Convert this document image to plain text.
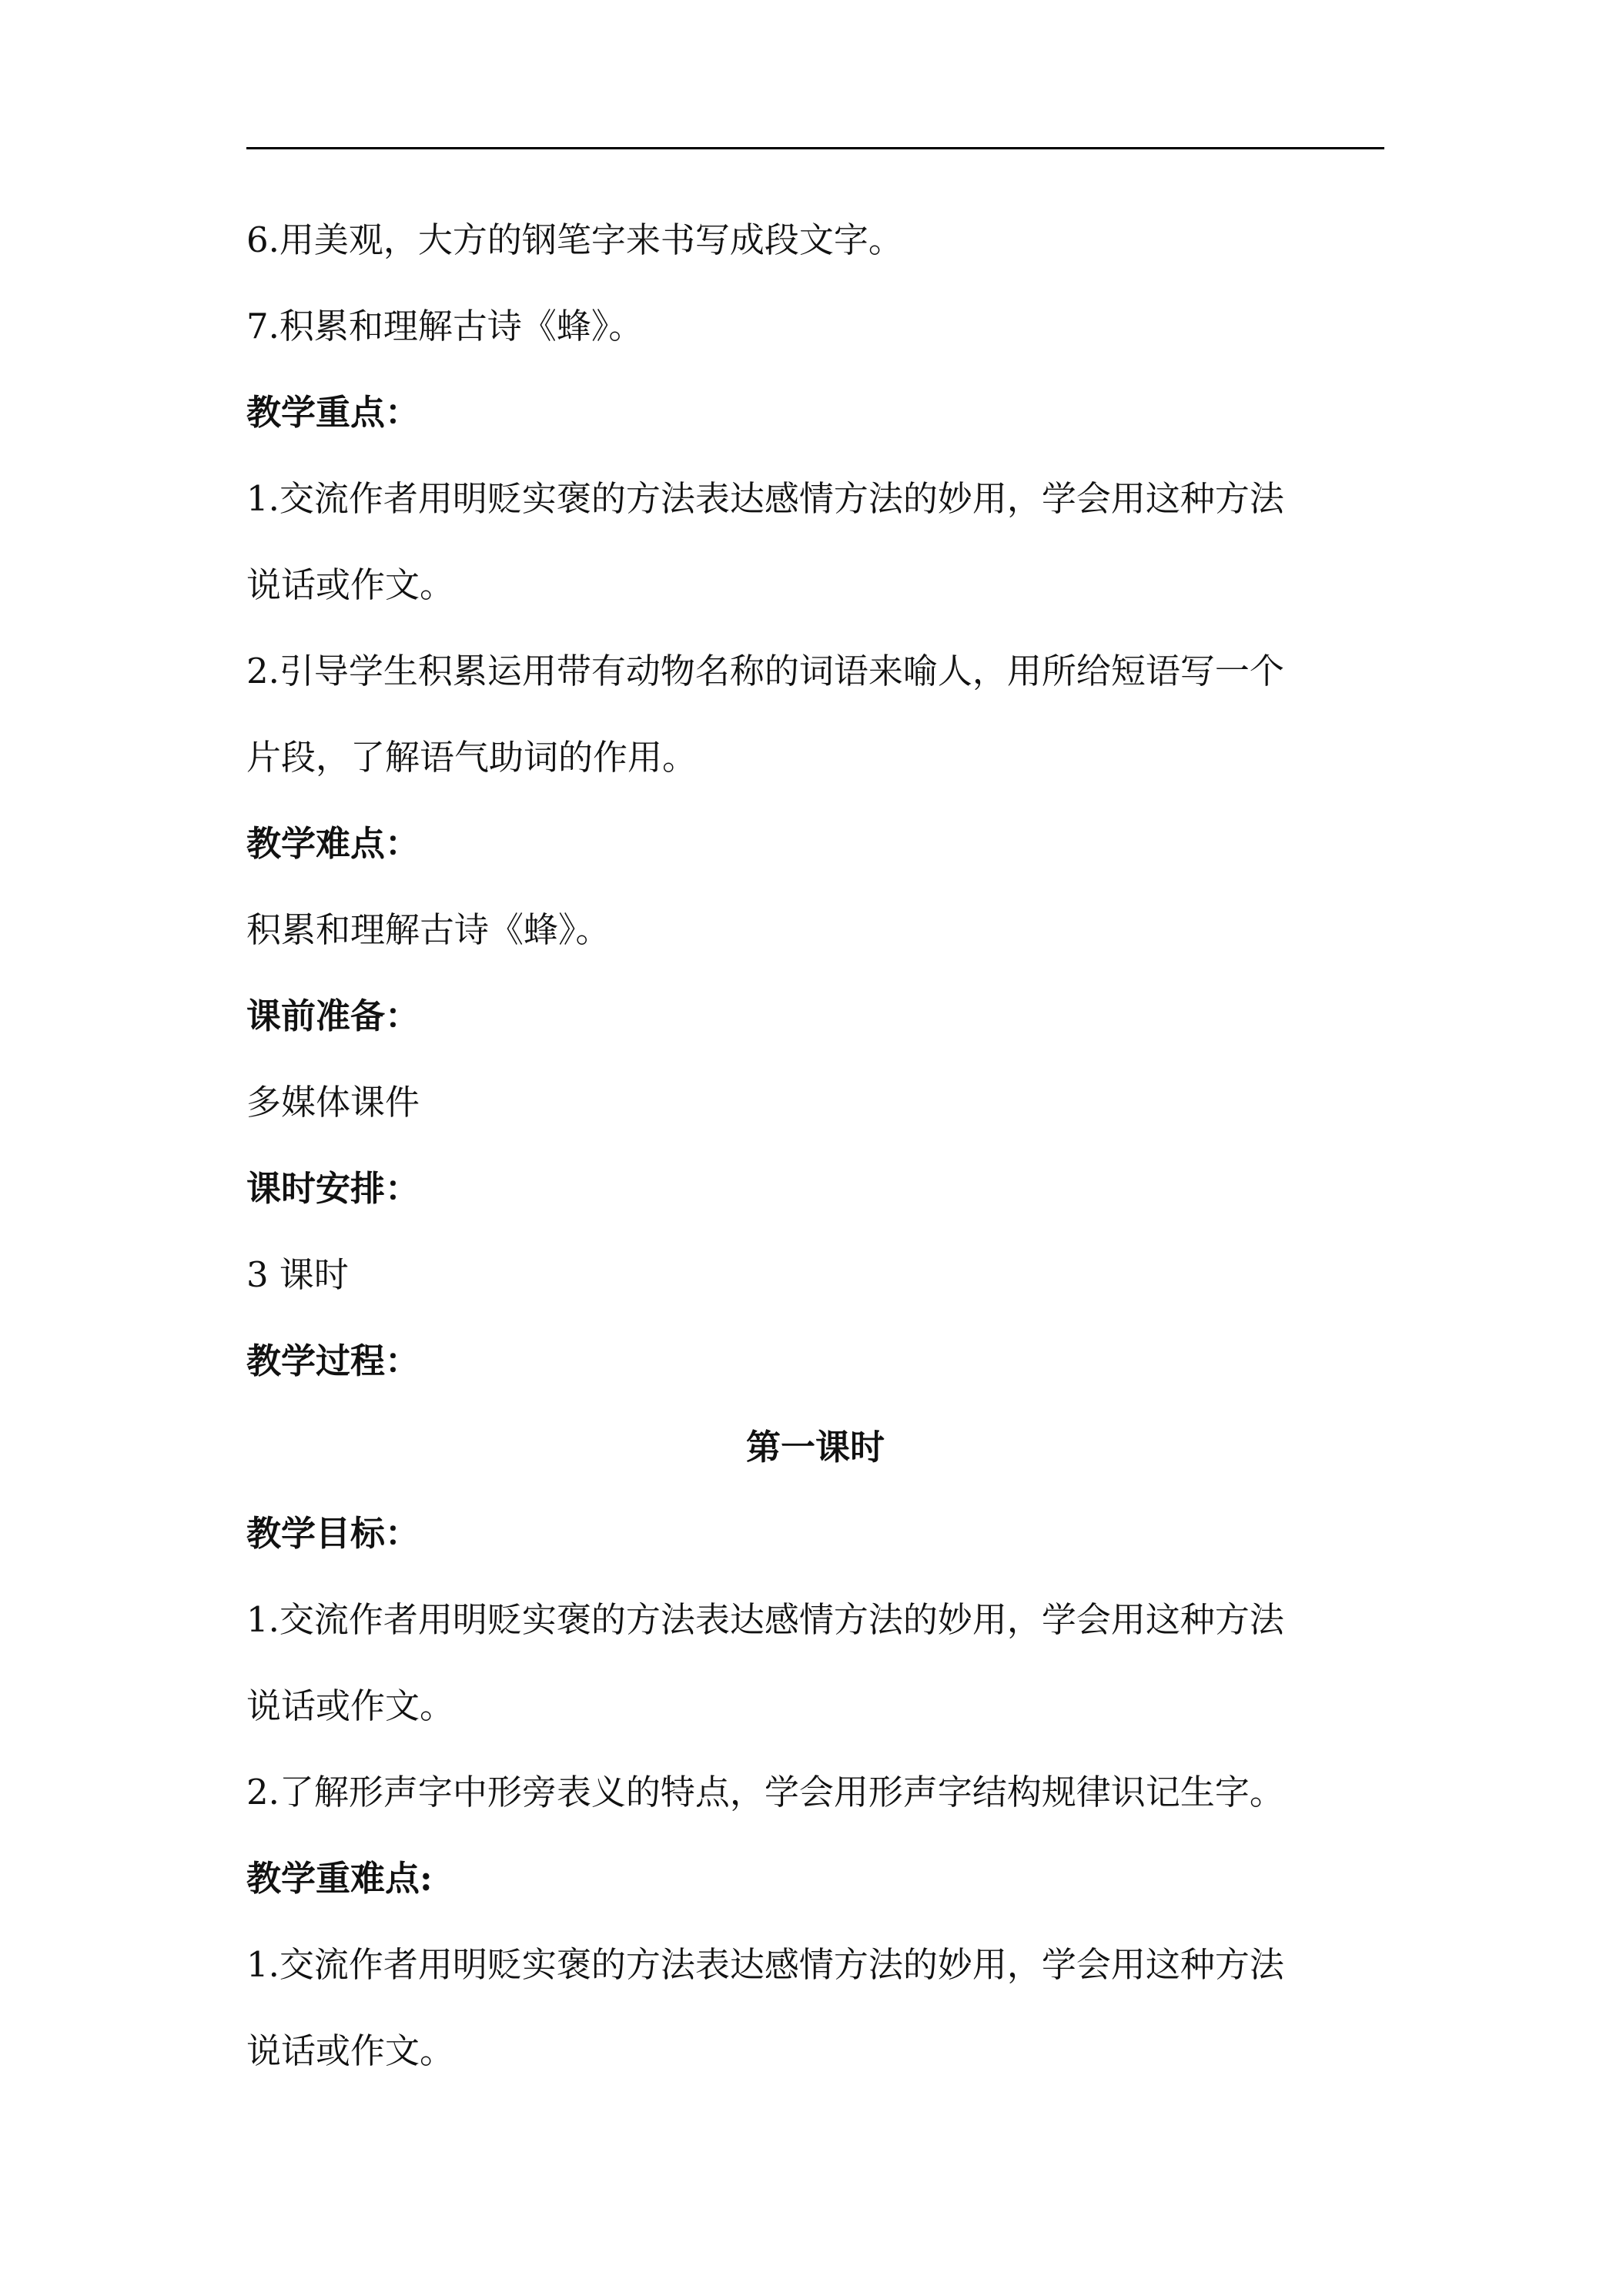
6.用美观，大方的钢笔字来书写成段文字。
7.积累和理解古诗《蜂》。
教学重点：
1.交流作者用明贬实褒的方法表达感情方法的妙用，学会用这种方法
说话或作文。
2.引导学生积累运用带有动物名称的词语来喻人，用所给短语写一个
片段，了解语气助词的作用。
教学难点：
积累和理解古诗《蜂》。
课前准备：
多媒体课件
课时安排：
3 课时
教学过程：
第一课时
教学目标：
1.交流作者用明贬实褒的方法表达感情方法的妙用，学会用这种方法
说话或作文。
2.了解形声字中形旁表义的特点，学会用形声字结构规律识记生字。
教学重难点:
1.交流作者用明贬实褒的方法表达感情方法的妙用，学会用这种方法
说话或作文。
